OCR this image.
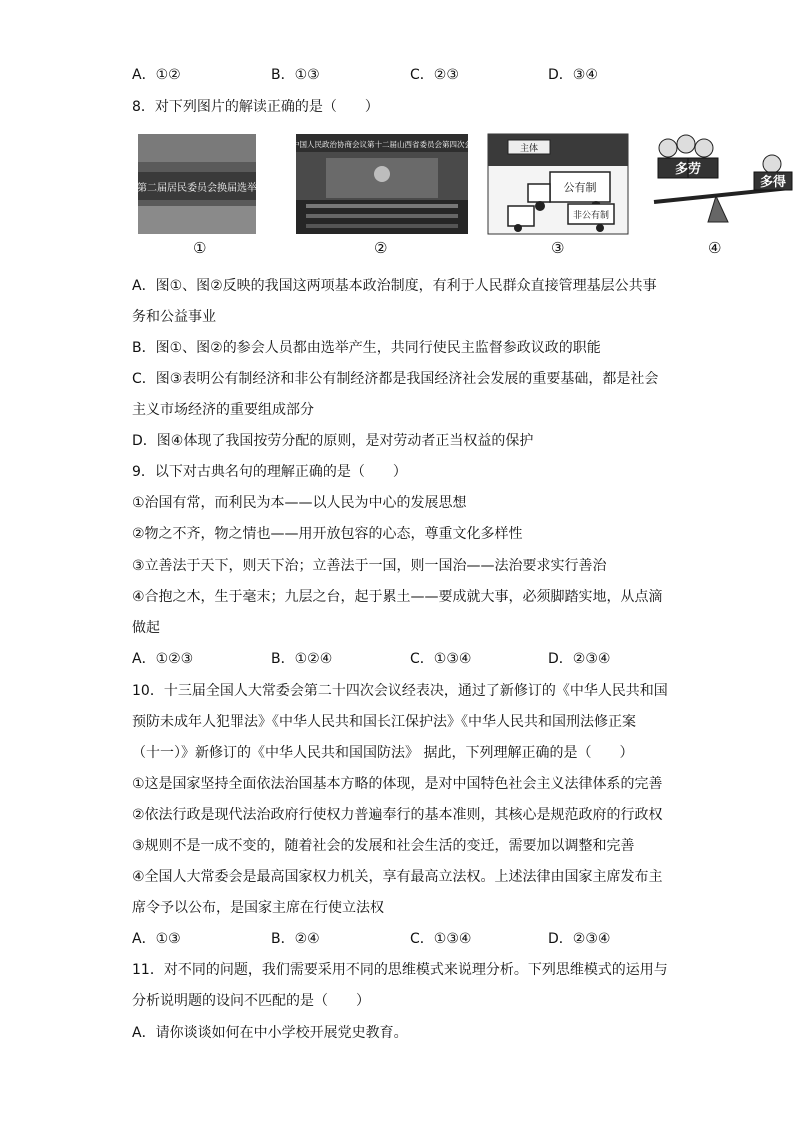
A．①②	B．①③	C．②③	D．③④
8．对下列图片的解读正确的是（　　）
社区第二届居民委员会换届选举大会
①
中国人民政治协商会议第十二届山西省委员会第四次会
②
主体
公有制
非公有制
③
多劳
多得
④
A．图①、图②反映的我国这两项基本政治制度，有利于人民群众直接管理基层公共事
务和公益事业
B．图①、图②的参会人员都由选举产生，共同行使民主监督参政议政的职能
C．图③表明公有制经济和非公有制经济都是我国经济社会发展的重要基础，都是社会
主义市场经济的重要组成部分
D．图④体现了我国按劳分配的原则，是对劳动者正当权益的保护
9．以下对古典名句的理解正确的是（　　）
①治国有常，而利民为本——以人民为中心的发展思想
②物之不齐，物之情也——用开放包容的心态，尊重文化多样性
③立善法于天下，则天下治；立善法于一国，则一国治——法治要求实行善治
④合抱之木，生于毫末；九层之台，起于累土——要成就大事，必须脚踏实地，从点滴
做起
A．①②③	B．①②④	C．①③④	D．②③④
10．十三届全国人大常委会第二十四次会议经表决，通过了新修订的《中华人民共和国
预防未成年人犯罪法》《中华人民共和国长江保护法》《中华人民共和国刑法修正案
（十一）》新修订的《中华人民共和国国防法》 据此，下列理解正确的是（　　）
①这是国家坚持全面依法治国基本方略的体现，是对中国特色社会主义法律体系的完善
②依法行政是现代法治政府行使权力普遍奉行的基本准则，其核心是规范政府的行政权
③规则不是一成不变的，随着社会的发展和社会生活的变迁，需要加以调整和完善
④全国人大常委会是最高国家权力机关，享有最高立法权。上述法律由国家主席发布主
席令予以公布，是国家主席在行使立法权
A．①③	B．②④	C．①③④	D．②③④
11．对不同的问题，我们需要采用不同的思维模式来说理分析。下列思维模式的运用与
分析说明题的设问不匹配的是（　　）
A．请你谈谈如何在中小学校开展党史教育。
